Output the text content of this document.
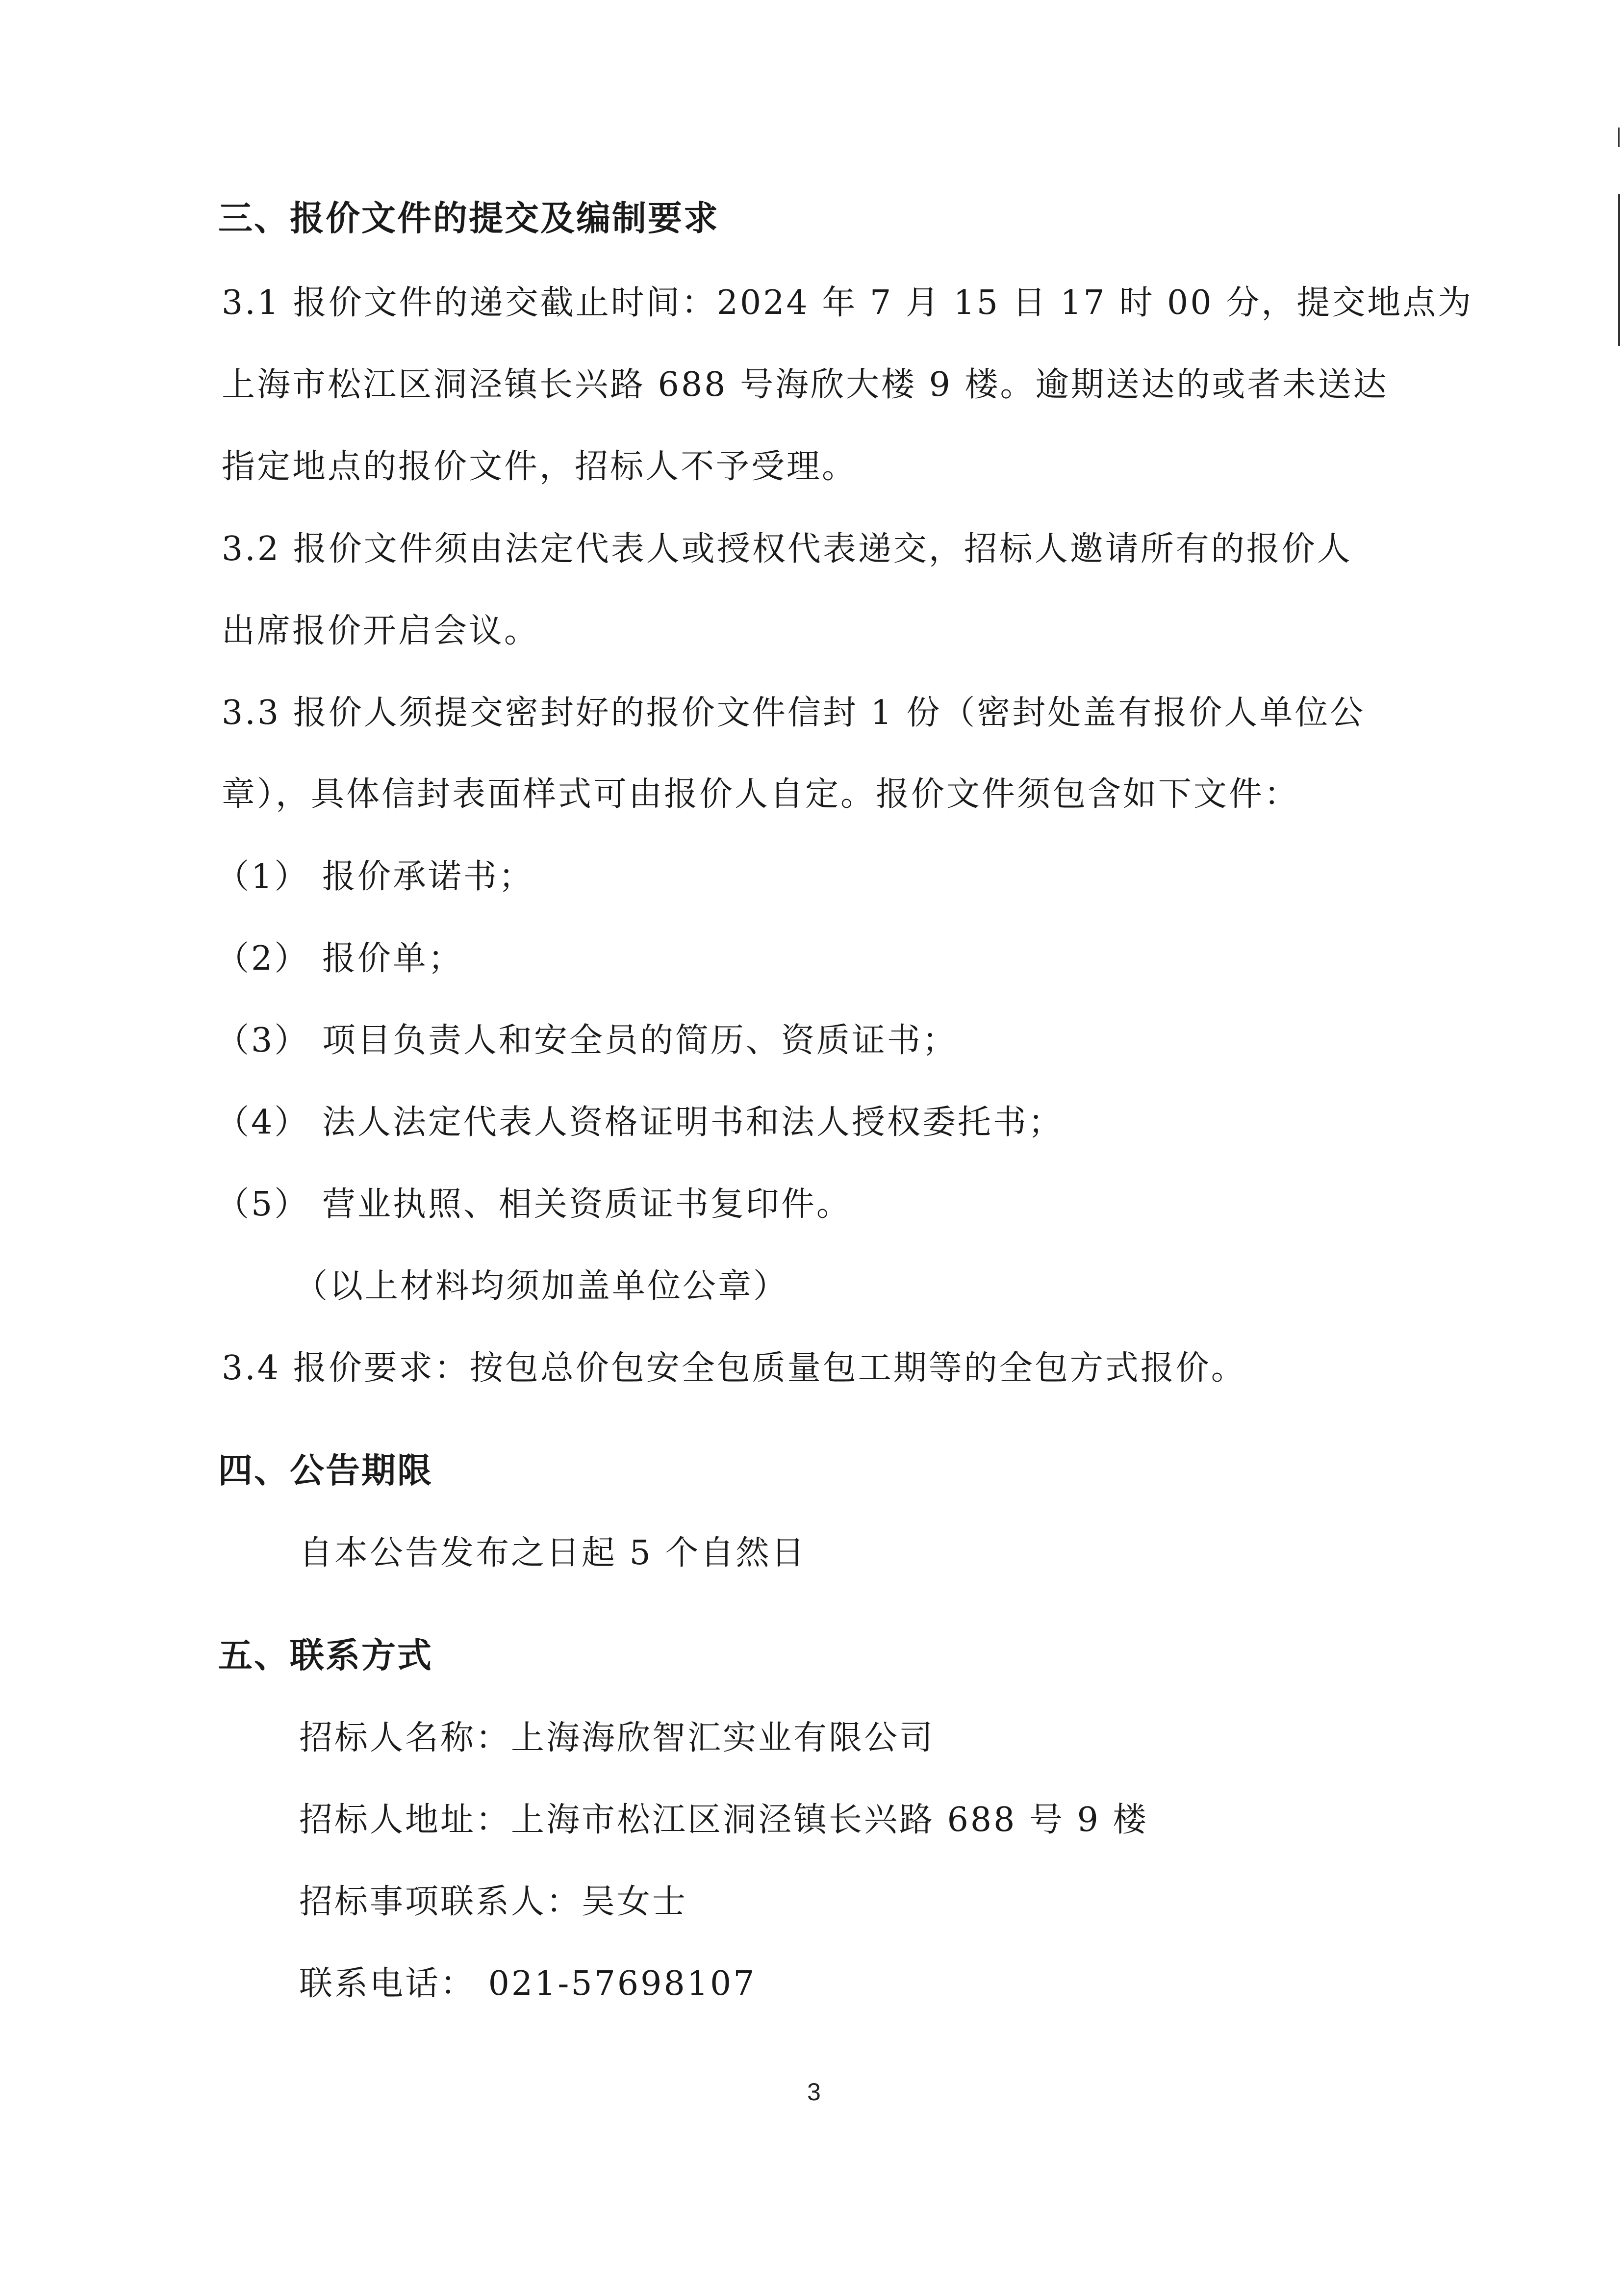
三、报价文件的提交及编制要求
3.1 报价文件的递交截止时间：2024 年 7 月 15 日 17 时 00 分，提交地点为
上海市松江区洞泾镇长兴路 688 号海欣大楼 9 楼。逾期送达的或者未送达
指定地点的报价文件，招标人不予受理。
3.2 报价文件须由法定代表人或授权代表递交，招标人邀请所有的报价人
出席报价开启会议。
3.3 报价人须提交密封好的报价文件信封 1 份（密封处盖有报价人单位公
章），具体信封表面样式可由报价人自定。报价文件须包含如下文件：
（1） 报价承诺书；
（2） 报价单；
（3） 项目负责人和安全员的简历、资质证书；
（4） 法人法定代表人资格证明书和法人授权委托书；
（5） 营业执照、相关资质证书复印件。
（以上材料均须加盖单位公章）
3.4 报价要求：按包总价包安全包质量包工期等的全包方式报价。
四、公告期限
自本公告发布之日起 5 个自然日
五、联系方式
招标人名称：上海海欣智汇实业有限公司
招标人地址：上海市松江区洞泾镇长兴路 688 号 9 楼
招标事项联系人：吴女士
联系电话： 021-57698107
3
